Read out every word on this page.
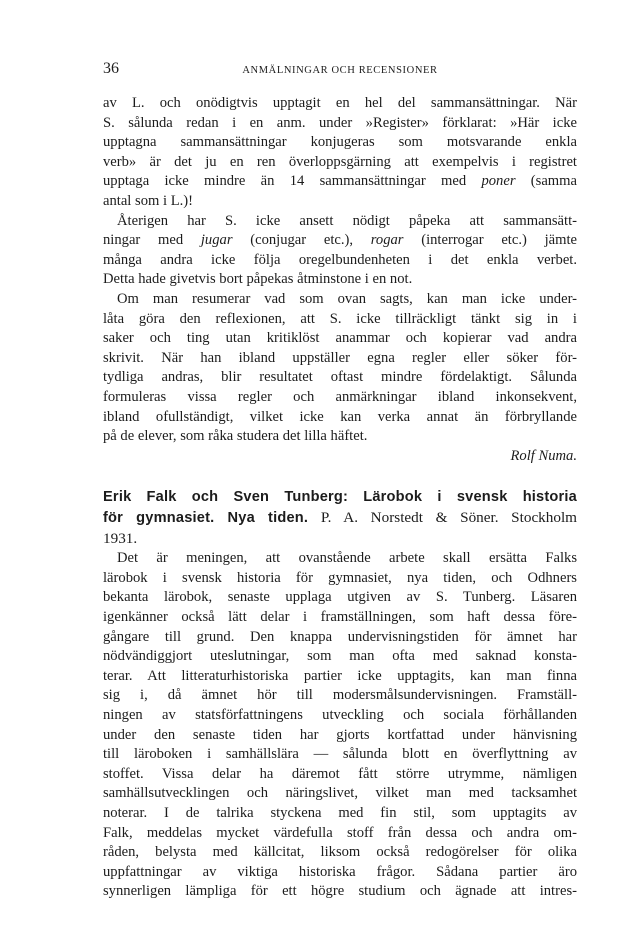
36	ANMÄLNINGAR OCH RECENSIONER
av L. och onödigtvis upptagit en hel del sammansättningar. När
S. sålunda redan i en anm. under »Register» förklarat: »Här icke
upptagna sammansättningar konjugeras som motsvarande enkla
verb» är det ju en ren överloppsgärning att exempelvis i registret
upptaga icke mindre än 14 sammansättningar med poner (samma
antal som i L.)!
Återigen har S. icke ansett nödigt påpeka att sammansätt-
ningar med jugar (conjugar etc.), rogar (interrogar etc.) jämte
många andra icke följa oregelbundenheten i det enkla verbet.
Detta hade givetvis bort påpekas åtminstone i en not.
Om man resumerar vad som ovan sagts, kan man icke under-
låta göra den reflexionen, att S. icke tillräckligt tänkt sig in i
saker och ting utan kritiklöst anammar och kopierar vad andra
skrivit. När han ibland uppställer egna regler eller söker för-
tydliga andras, blir resultatet oftast mindre fördelaktigt. Sålunda
formuleras vissa regler och anmärkningar ibland inkonsekvent,
ibland ofullständigt, vilket icke kan verka annat än förbryllande
på de elever, som råka studera det lilla häftet.
Rolf Numa.
Erik Falk och Sven Tunberg: Lärobok i svensk historia
för gymnasiet. Nya tiden. P. A. Norstedt & Söner. Stockholm
1931.
Det är meningen, att ovanstående arbete skall ersätta Falks
lärobok i svensk historia för gymnasiet, nya tiden, och Odhners
bekanta lärobok, senaste upplaga utgiven av S. Tunberg. Läsaren
igenkänner också lätt delar i framställningen, som haft dessa före-
gångare till grund. Den knappa undervisningstiden för ämnet har
nödvändiggjort uteslutningar, som man ofta med saknad konsta-
terar. Att litteraturhistoriska partier icke upptagits, kan man finna
sig i, då ämnet hör till modersmålsundervisningen. Framställ-
ningen av statsförfattningens utveckling och sociala förhållanden
under den senaste tiden har gjorts kortfattad under hänvisning
till läroboken i samhällslära — sålunda blott en överflyttning av
stoffet. Vissa delar ha däremot fått större utrymme, nämligen
samhällsutvecklingen och näringslivet, vilket man med tacksamhet
noterar. I de talrika styckena med fin stil, som upptagits av
Falk, meddelas mycket värdefulla stoff från dessa och andra om-
råden, belysta med källcitat, liksom också redogörelser för olika
uppfattningar av viktiga historiska frågor. Sådana partier äro
synnerligen lämpliga för ett högre studium och ägnade att intres-
